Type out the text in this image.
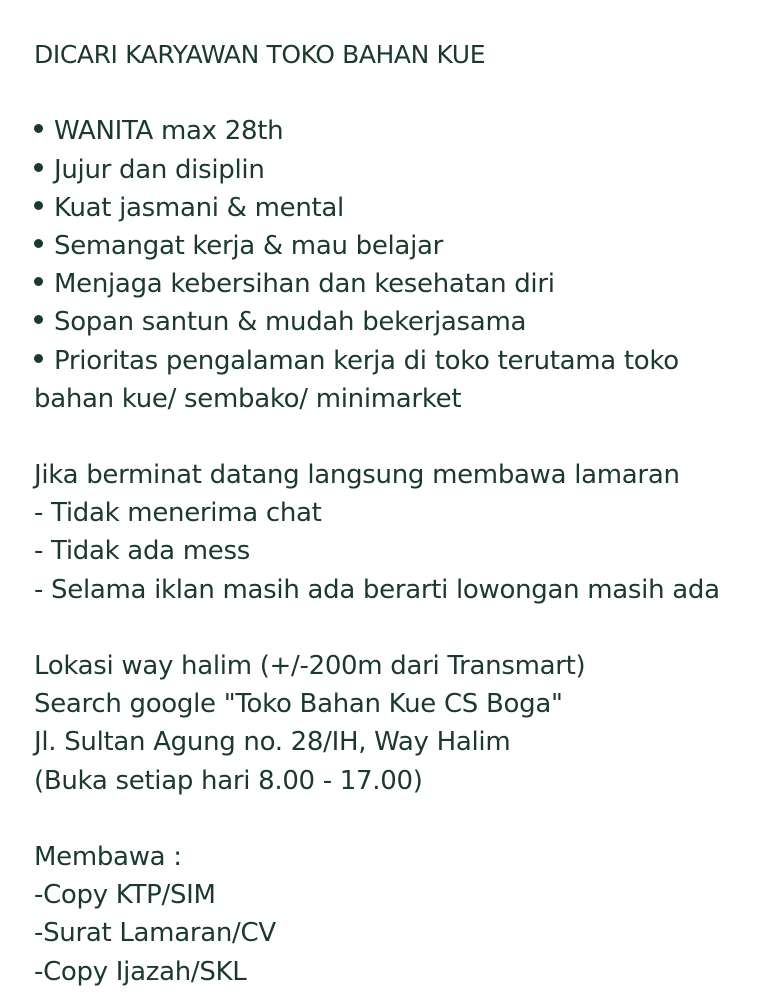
DICARI KARYAWAN TOKO BAHAN KUE
WANITA max 28th
Jujur dan disiplin
Kuat jasmani & mental
Semangat kerja & mau belajar
Menjaga kebersihan dan kesehatan diri
Sopan santun & mudah bekerjasama
Prioritas pengalaman kerja di toko terutama toko
bahan kue/ sembako/ minimarket
Jika berminat datang langsung membawa lamaran
- Tidak menerima chat
- Tidak ada mess
- Selama iklan masih ada berarti lowongan masih ada
Lokasi way halim (+/-200m dari Transmart)
Search google "Toko Bahan Kue CS Boga"
Jl. Sultan Agung no. 28/IH, Way Halim
(Buka setiap hari 8.00 - 17.00)
Membawa :
-Copy KTP/SIM
-Surat Lamaran/CV
-Copy Ijazah/SKL
